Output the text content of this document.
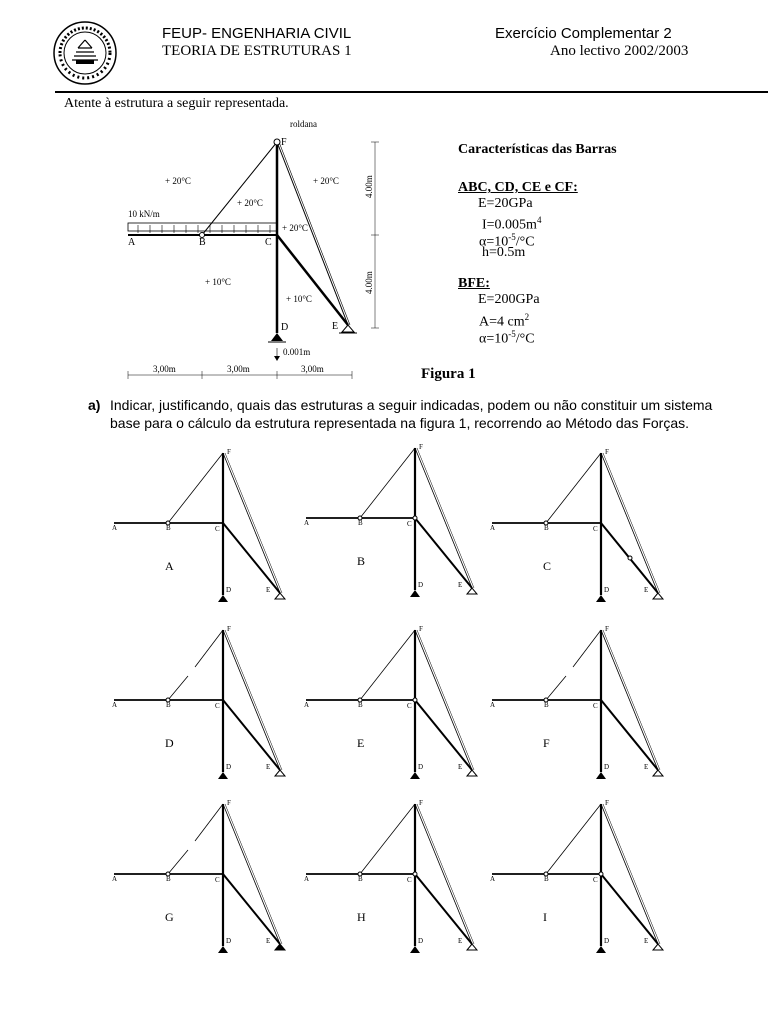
FEUP- ENGENHARIA CIVIL
TEORIA DE ESTRUTURAS 1
Exercício Complementar 2
Ano lectivo 2002/2003
Atente à estrutura a seguir representada.
roldana
10 kN/m
+ 20°C
+ 20°C
+ 20°C
+ 20°C
+ 10°C
+ 10°C
4.00m
4.00m
3,00m	3,00m	3,00m
0.001m
A	B	C
D	E
F
Figura 1
Características das Barras
ABC, CD, CE e CF:
E=20GPa
$I=0.005m^4$
$\alpha=10^{-5}/^\circ C$
h=0.5m
BFE:
E=200GPa
A=4 $cm^2$
$\alpha=10^{-5}/^\circ C$
a) Indicar, justificando, quais das estruturas a seguir indicadas, podem ou não constituir um sistema base para o cálculo da estrutura representada na figura 1, recorrendo ao Método das Forças.
A	B	C
D	E
F
A
A	B	C
D	E
F
B
A	B	C
D	E
F
C
A	B	C
D	E
F
D
A	B	C
D	E
F
E
A	B	C
D	E
F
F
A	B	C
D	E
F
G
A	B	C
D	E
F
H
A	B	C
D	E
F
I
